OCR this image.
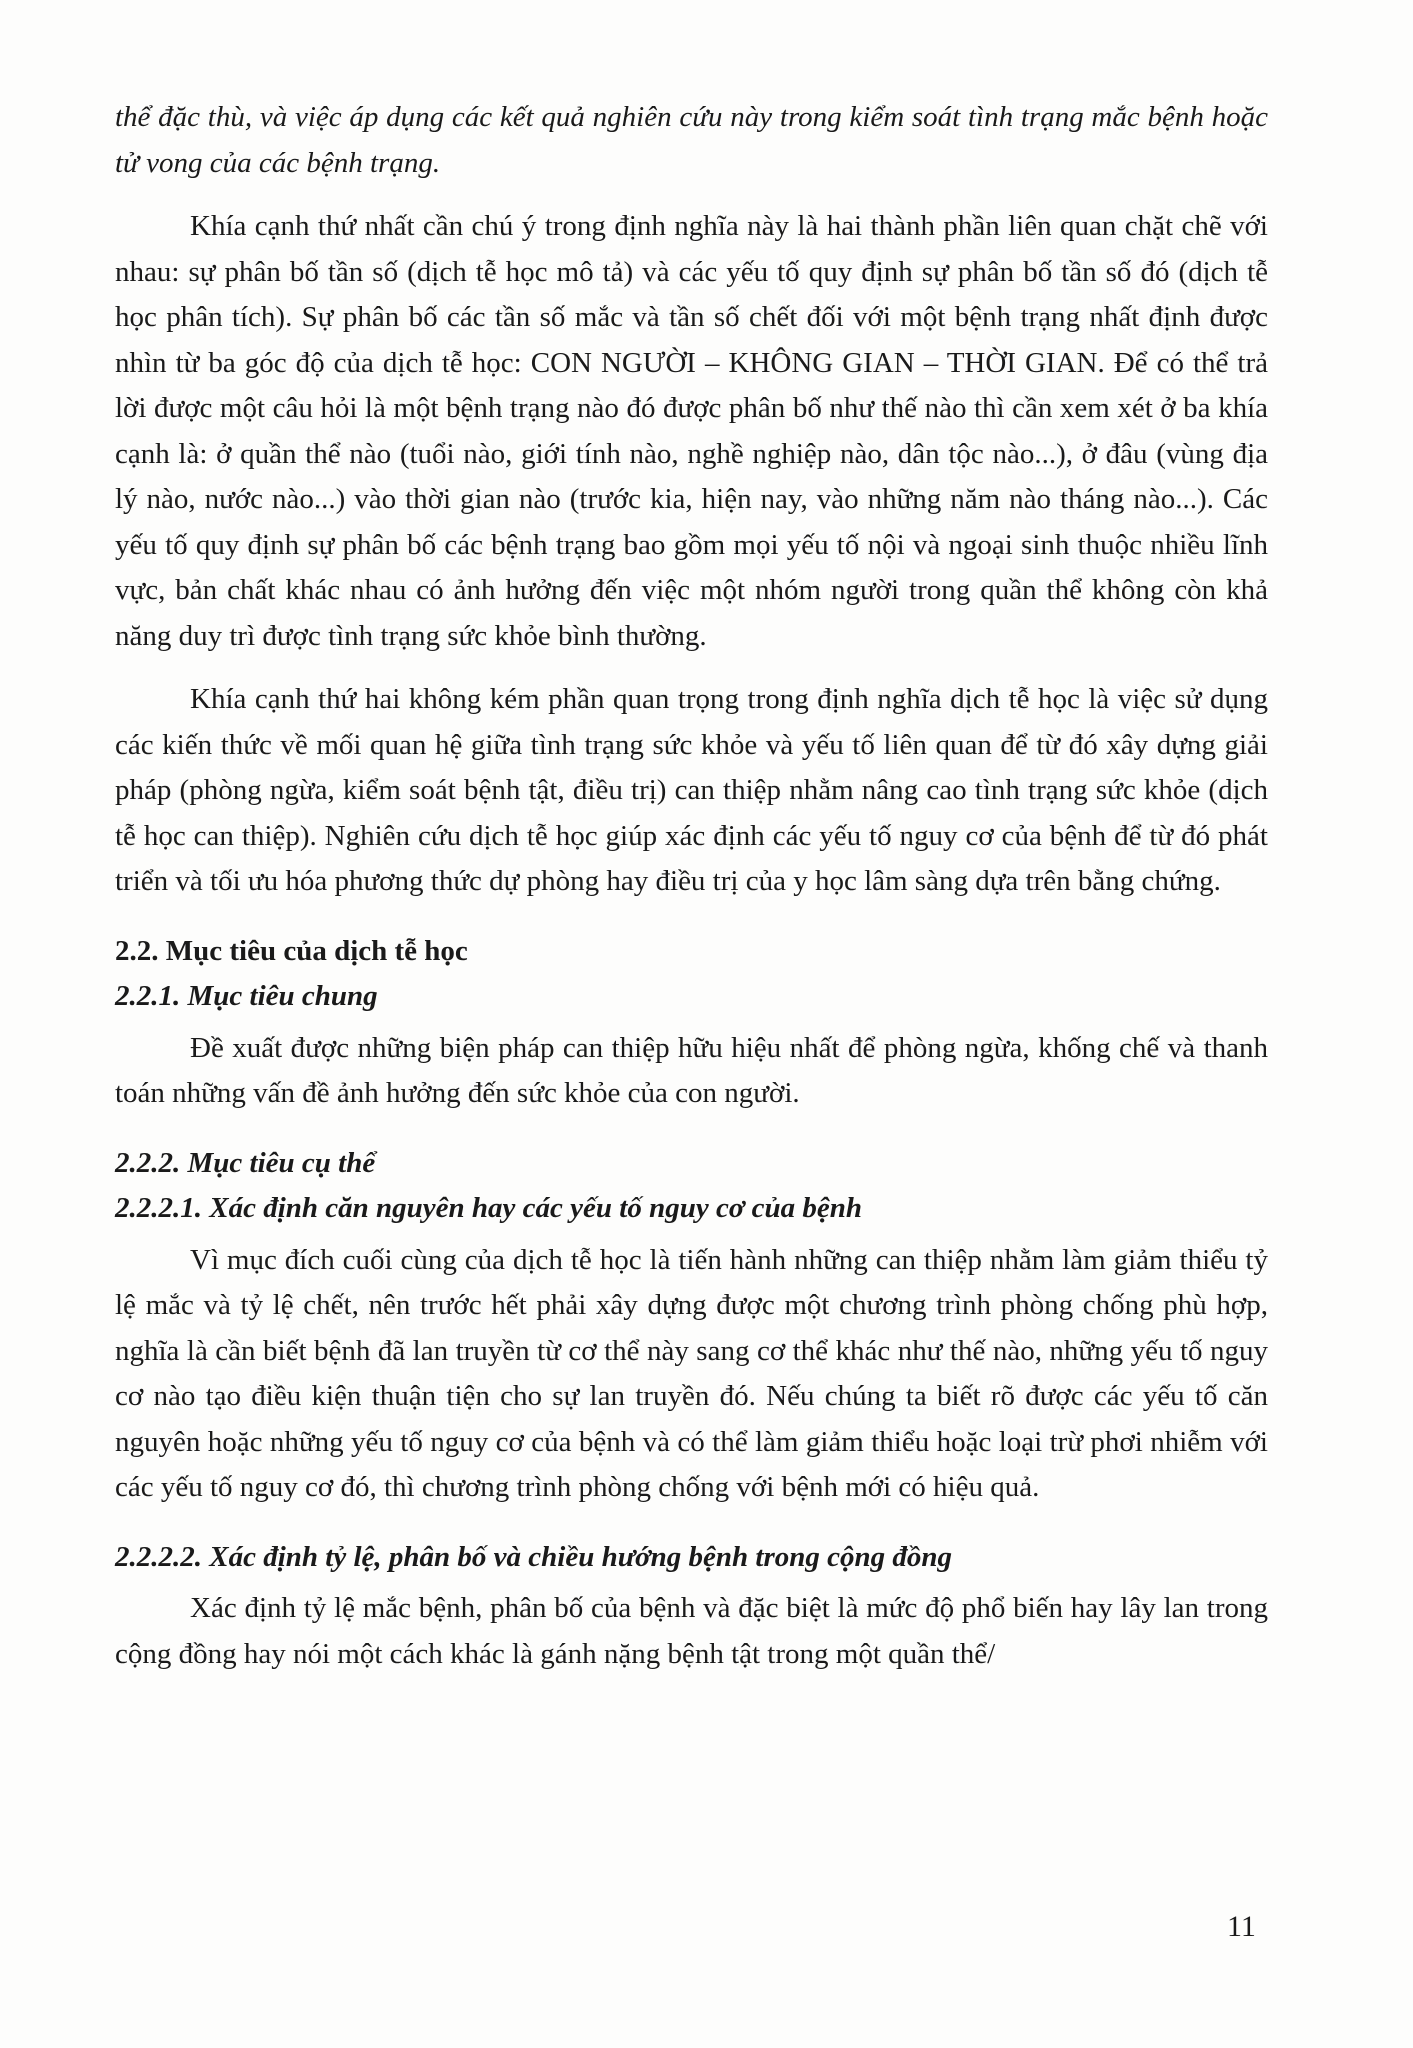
thể đặc thù, và việc áp dụng các kết quả nghiên cứu này trong kiểm soát tình trạng mắc bệnh hoặc tử vong của các bệnh trạng.

Khía cạnh thứ nhất cần chú ý trong định nghĩa này là hai thành phần liên quan chặt chẽ với nhau: sự phân bố tần số (dịch tễ học mô tả) và các yếu tố quy định sự phân bố tần số đó (dịch tễ học phân tích). Sự phân bố các tần số mắc và tần số chết đối với một bệnh trạng nhất định được nhìn từ ba góc độ của dịch tễ học: CON NGƯỜI – KHÔNG GIAN – THỜI GIAN. Để có thể trả lời được một câu hỏi là một bệnh trạng nào đó được phân bố như thế nào thì cần xem xét ở ba khía cạnh là: ở quần thể nào (tuổi nào, giới tính nào, nghề nghiệp nào, dân tộc nào...), ở đâu (vùng địa lý nào, nước nào...) vào thời gian nào (trước kia, hiện nay, vào những năm nào tháng nào...). Các yếu tố quy định sự phân bố các bệnh trạng bao gồm mọi yếu tố nội và ngoại sinh thuộc nhiều lĩnh vực, bản chất khác nhau có ảnh hưởng đến việc một nhóm người trong quần thể không còn khả năng duy trì được tình trạng sức khỏe bình thường.

Khía cạnh thứ hai không kém phần quan trọng trong định nghĩa dịch tễ học là việc sử dụng các kiến thức về mối quan hệ giữa tình trạng sức khỏe và yếu tố liên quan để từ đó xây dựng giải pháp (phòng ngừa, kiểm soát bệnh tật, điều trị) can thiệp nhằm nâng cao tình trạng sức khỏe (dịch tễ học can thiệp). Nghiên cứu dịch tễ học giúp xác định các yếu tố nguy cơ của bệnh để từ đó phát triển và tối ưu hóa phương thức dự phòng hay điều trị của y học lâm sàng dựa trên bằng chứng.

2.2. Mục tiêu của dịch tễ học
2.2.1. Mục tiêu chung

Đề xuất được những biện pháp can thiệp hữu hiệu nhất để phòng ngừa, khống chế và thanh toán những vấn đề ảnh hưởng đến sức khỏe của con người.

2.2.2. Mục tiêu cụ thể
2.2.2.1. Xác định căn nguyên hay các yếu tố nguy cơ của bệnh

Vì mục đích cuối cùng của dịch tễ học là tiến hành những can thiệp nhằm làm giảm thiểu tỷ lệ mắc và tỷ lệ chết, nên trước hết phải xây dựng được một chương trình phòng chống phù hợp, nghĩa là cần biết bệnh đã lan truyền từ cơ thể này sang cơ thể khác như thế nào, những yếu tố nguy cơ nào tạo điều kiện thuận tiện cho sự lan truyền đó. Nếu chúng ta biết rõ được các yếu tố căn nguyên hoặc những yếu tố nguy cơ của bệnh và có thể làm giảm thiểu hoặc loại trừ phơi nhiễm với các yếu tố nguy cơ đó, thì chương trình phòng chống với bệnh mới có hiệu quả.

2.2.2.2. Xác định tỷ lệ, phân bố và chiều hướng bệnh trong cộng đồng

Xác định tỷ lệ mắc bệnh, phân bố của bệnh và đặc biệt là mức độ phổ biến hay lây lan trong cộng đồng hay nói một cách khác là gánh nặng bệnh tật trong một quần thể/

11
